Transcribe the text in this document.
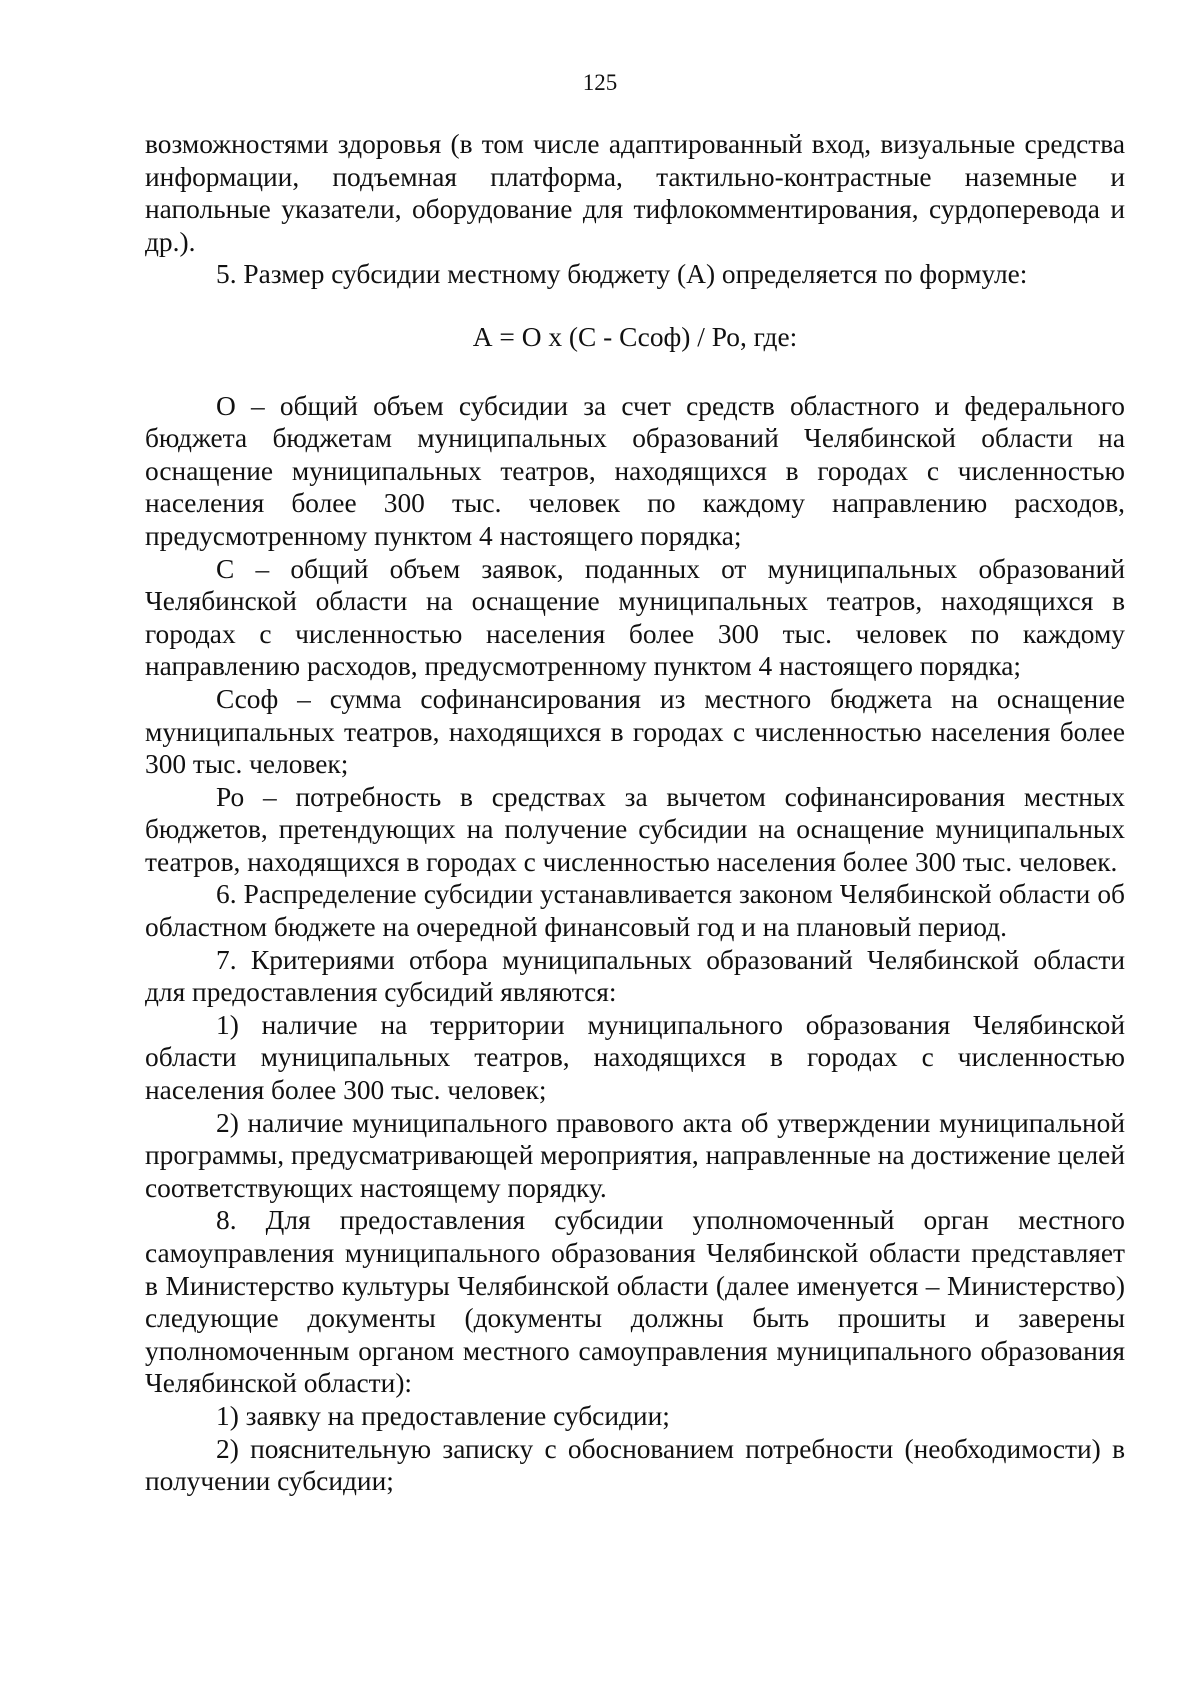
125

возможностями здоровья (в том числе адаптированный вход, визуальные средства информации, подъемная платформа, тактильно-контрастные наземные и напольные указатели, оборудование для тифлокомментирования, сурдоперевода и др.).

5. Размер субсидии местному бюджету (А) определяется по формуле:

А = О х (С - Ссоф) / Ро, где:

О – общий объем субсидии за счет средств областного и федерального бюджета бюджетам муниципальных образований Челябинской области на оснащение муниципальных театров, находящихся в городах с численностью населения более 300 тыс. человек по каждому направлению расходов, предусмотренному пунктом 4 настоящего порядка;

С – общий объем заявок, поданных от муниципальных образований Челябинской области на оснащение муниципальных театров, находящихся в городах с численностью населения более 300 тыс. человек по каждому направлению расходов, предусмотренному пунктом 4 настоящего порядка;

Ссоф – сумма софинансирования из местного бюджета на оснащение муниципальных театров, находящихся в городах с численностью населения более 300 тыс. человек;

Ро – потребность в средствах за вычетом софинансирования местных бюджетов, претендующих на получение субсидии на оснащение муниципальных театров, находящихся в городах с численностью населения более 300 тыс. человек.

6. Распределение субсидии устанавливается законом Челябинской области об областном бюджете на очередной финансовый год и на плановый период.

7. Критериями отбора муниципальных образований Челябинской области для предоставления субсидий являются:

1) наличие на территории муниципального образования Челябинской области муниципальных театров, находящихся в городах с численностью населения более 300 тыс. человек;

2) наличие муниципального правового акта об утверждении муниципальной программы, предусматривающей мероприятия, направленные на достижение целей соответствующих настоящему порядку.

8. Для предоставления субсидии уполномоченный орган местного самоуправления муниципального образования Челябинской области представляет в Министерство культуры Челябинской области (далее именуется – Министерство) следующие документы (документы должны быть прошиты и заверены уполномоченным органом местного самоуправления муниципального образования Челябинской области):

1) заявку на предоставление субсидии;

2) пояснительную записку с обоснованием потребности (необходимости) в получении субсидии;
